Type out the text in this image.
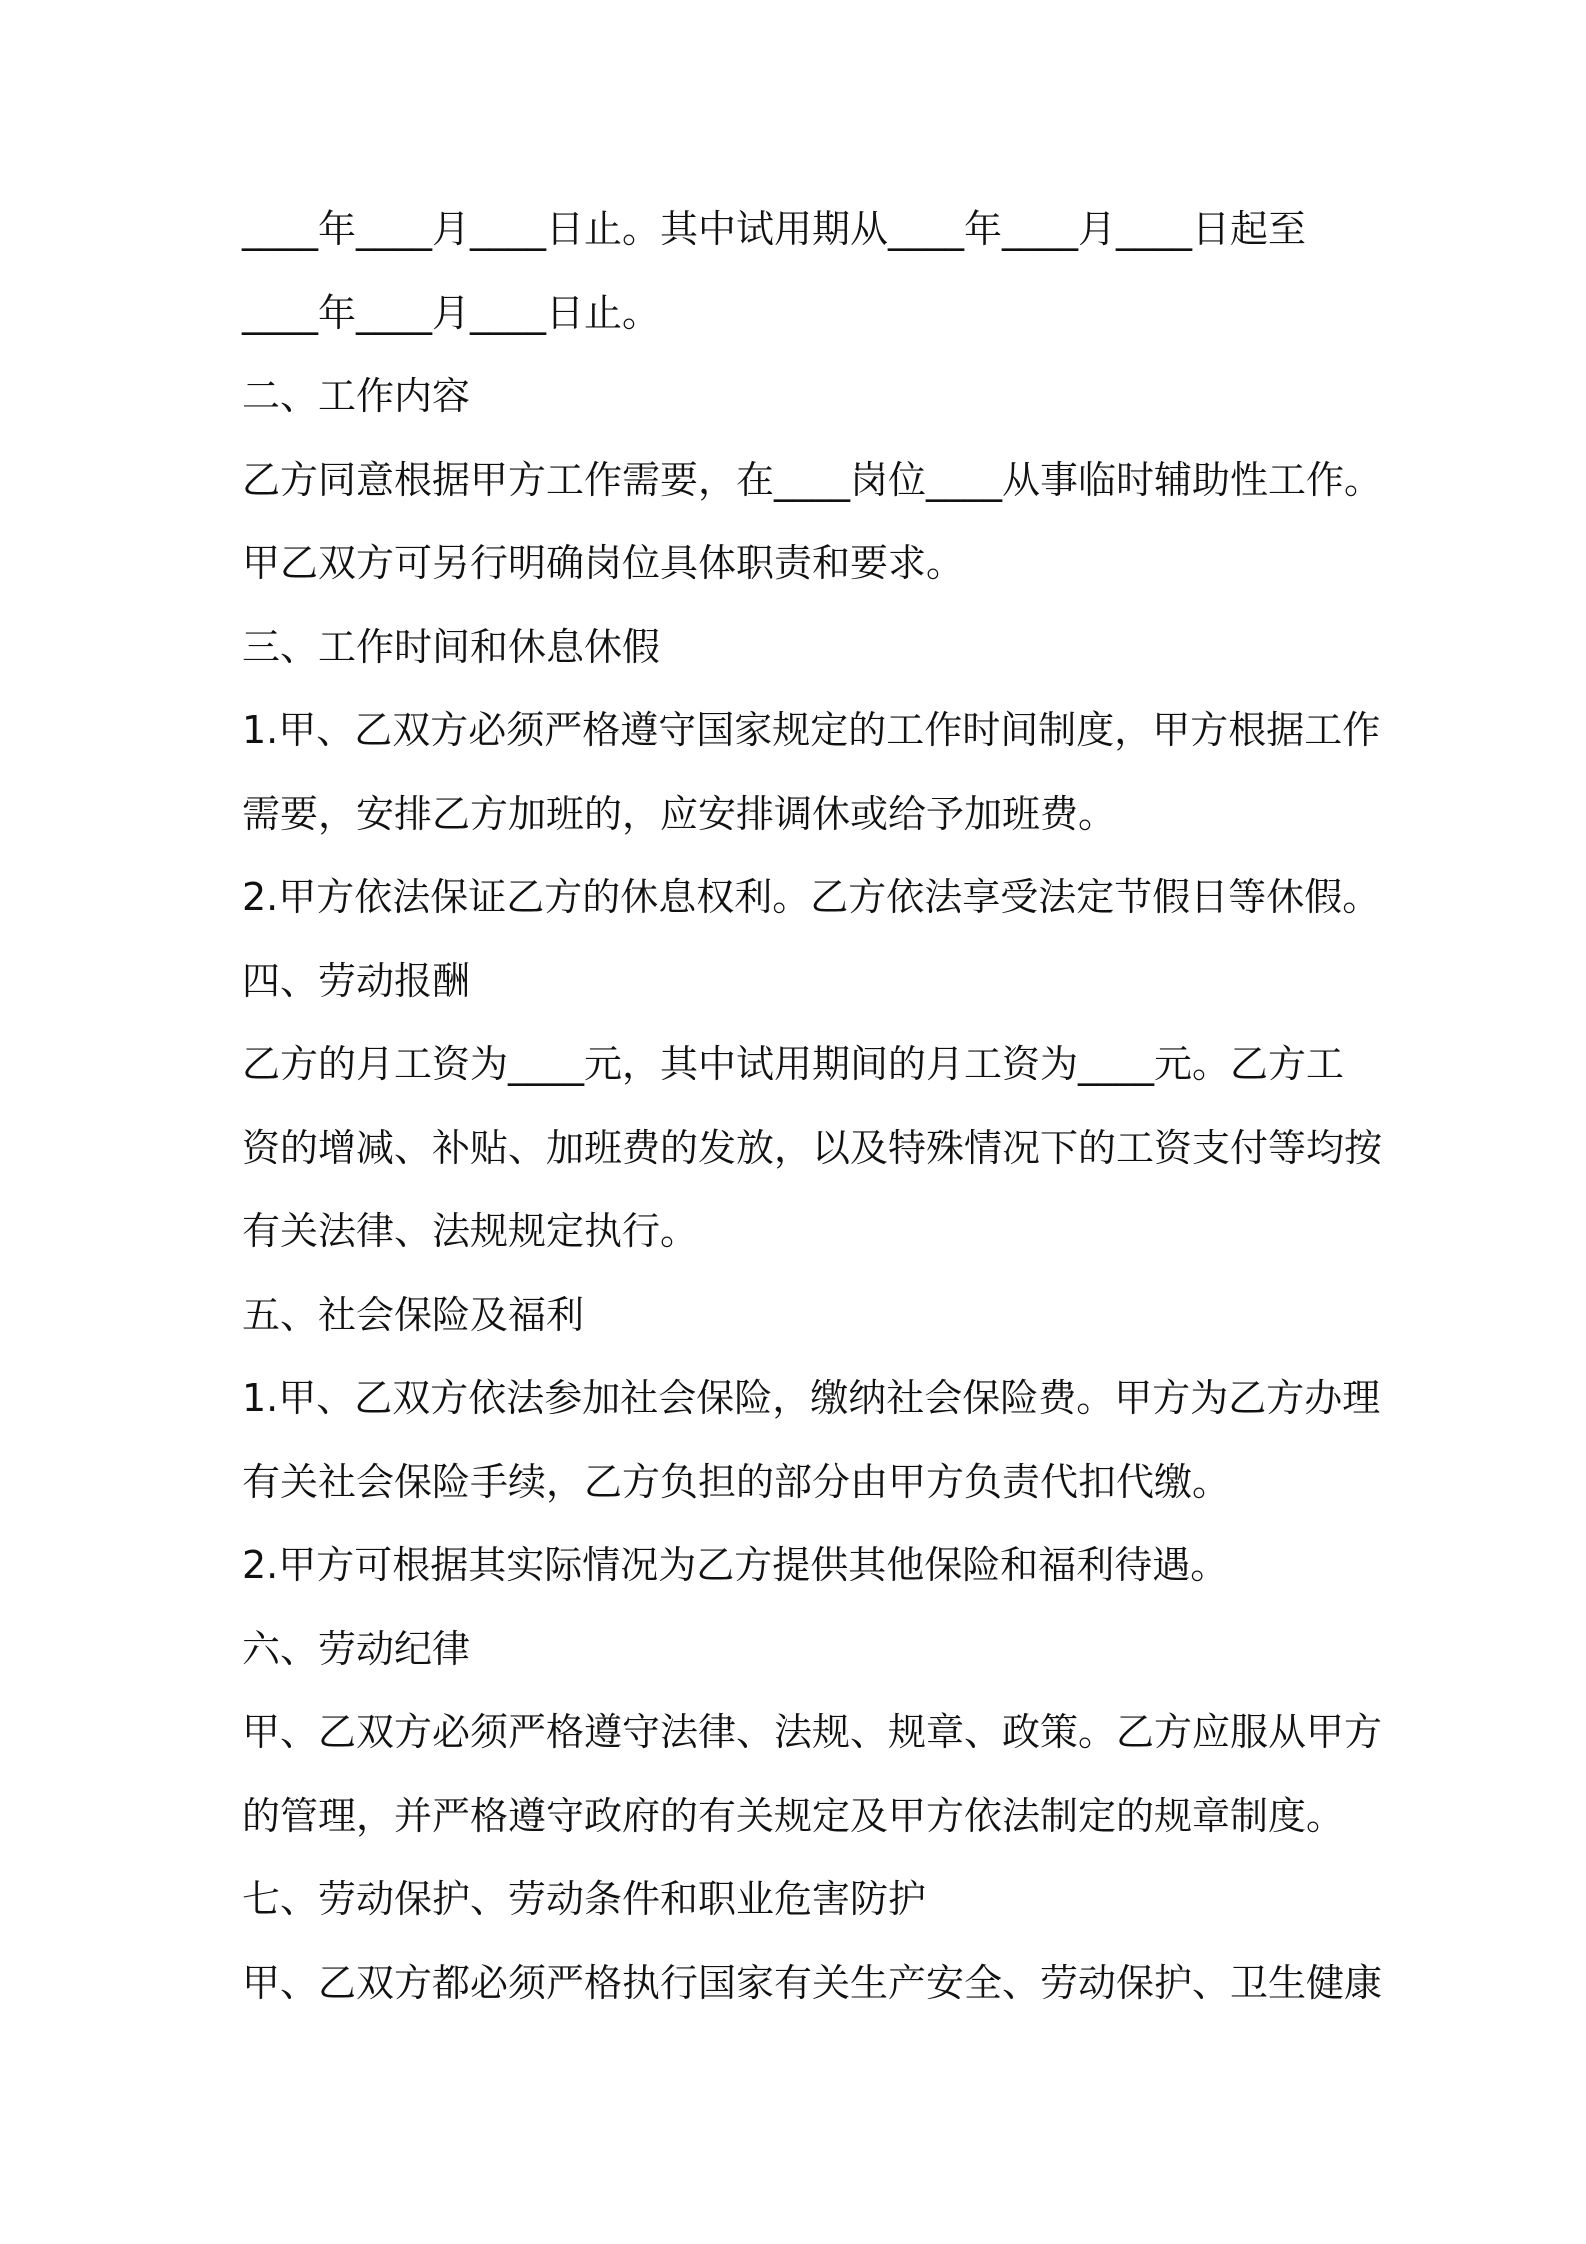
____年____月____日止。其中试用期从____年____月____日起至
____年____月____日止。
二、工作内容
乙方同意根据甲方工作需要，在____岗位____从事临时辅助性工作。
甲乙双方可另行明确岗位具体职责和要求。
三、工作时间和休息休假
1.甲、乙双方必须严格遵守国家规定的工作时间制度，甲方根据工作
需要，安排乙方加班的，应安排调休或给予加班费。
2.甲方依法保证乙方的休息权利。乙方依法享受法定节假日等休假。
四、劳动报酬
乙方的月工资为____元，其中试用期间的月工资为____元。乙方工
资的增减、补贴、加班费的发放，以及特殊情况下的工资支付等均按
有关法律、法规规定执行。
五、社会保险及福利
1.甲、乙双方依法参加社会保险，缴纳社会保险费。甲方为乙方办理
有关社会保险手续，乙方负担的部分由甲方负责代扣代缴。
2.甲方可根据其实际情况为乙方提供其他保险和福利待遇。
六、劳动纪律
甲、乙双方必须严格遵守法律、法规、规章、政策。乙方应服从甲方
的管理，并严格遵守政府的有关规定及甲方依法制定的规章制度。
七、劳动保护、劳动条件和职业危害防护
甲、乙双方都必须严格执行国家有关生产安全、劳动保护、卫生健康
